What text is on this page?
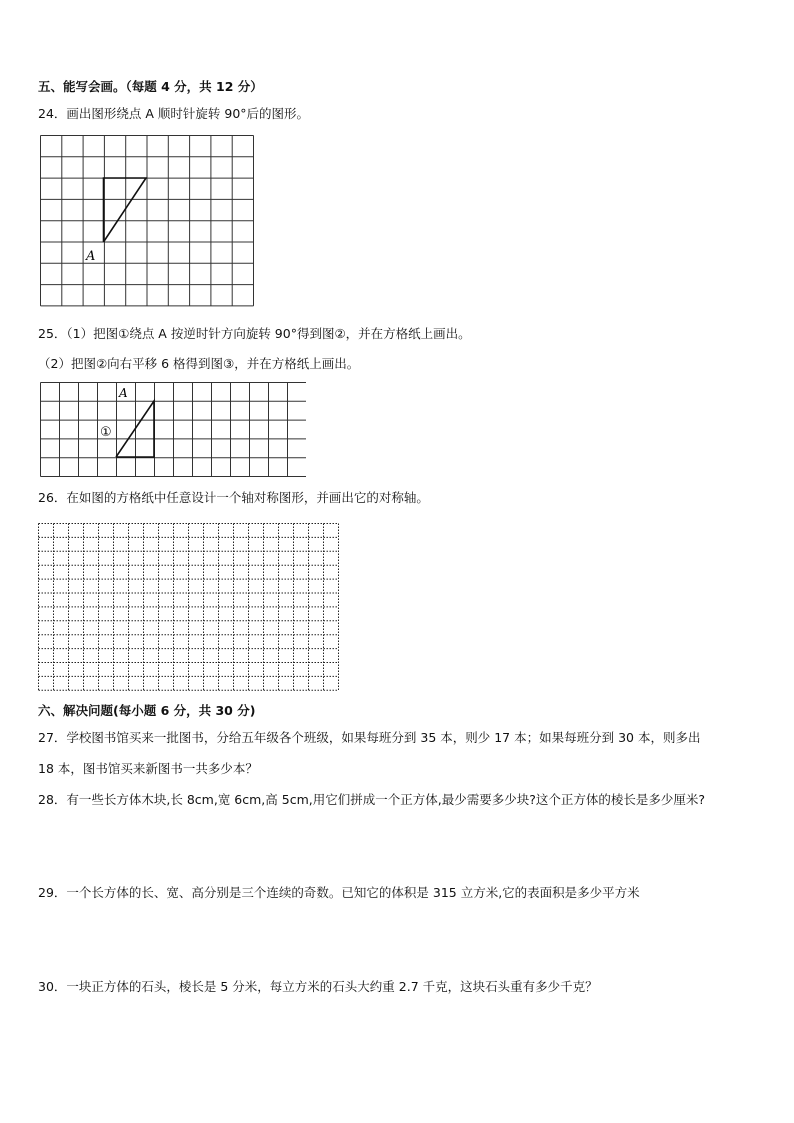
五、能写会画。（每题 4 分，共 12 分）
24．画出图形绕点 A 顺时针旋转 90°后的图形。
A
25．（1）把图①绕点 A 按逆时针方向旋转 90°得到图②，并在方格纸上画出。
（2）把图②向右平移 6 格得到图③，并在方格纸上画出。
A
①
26．在如图的方格纸中任意设计一个轴对称图形，并画出它的对称轴。
六、解决问题(每小题 6 分，共 30 分)
27．学校图书馆买来一批图书，分给五年级各个班级，如果每班分到 35 本，则少 17 本；如果每班分到 30 本，则多出
18 本，图书馆买来新图书一共多少本？
28．有一些长方体木块,长 8cm,宽 6cm,高 5cm,用它们拼成一个正方体,最少需要多少块?这个正方体的棱长是多少厘米?
29．一个长方体的长、宽、高分别是三个连续的奇数。已知它的体积是 315 立方米,它的表面积是多少平方米
30．一块正方体的石头，棱长是 5 分米，每立方米的石头大约重 2.7 千克，这块石头重有多少千克？
